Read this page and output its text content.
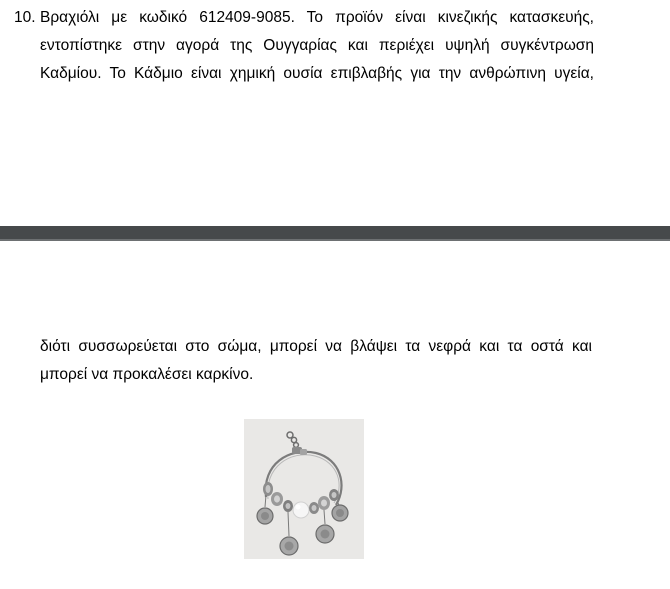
10. Βραχιόλι με κωδικό 612409-9085. Το προϊόν είναι κινεζικής κατασκευής,
εντοπίστηκε στην αγορά της Ουγγαρίας και περιέχει υψηλή συγκέντρωση
Καδμίου. Το Κάδμιο είναι χημική ουσία επιβλαβής για την ανθρώπινη υγεία,
διότι συσσωρεύεται στο σώμα, μπορεί να βλάψει τα νεφρά και τα οστά και
μπορεί να προκαλέσει καρκίνο.
